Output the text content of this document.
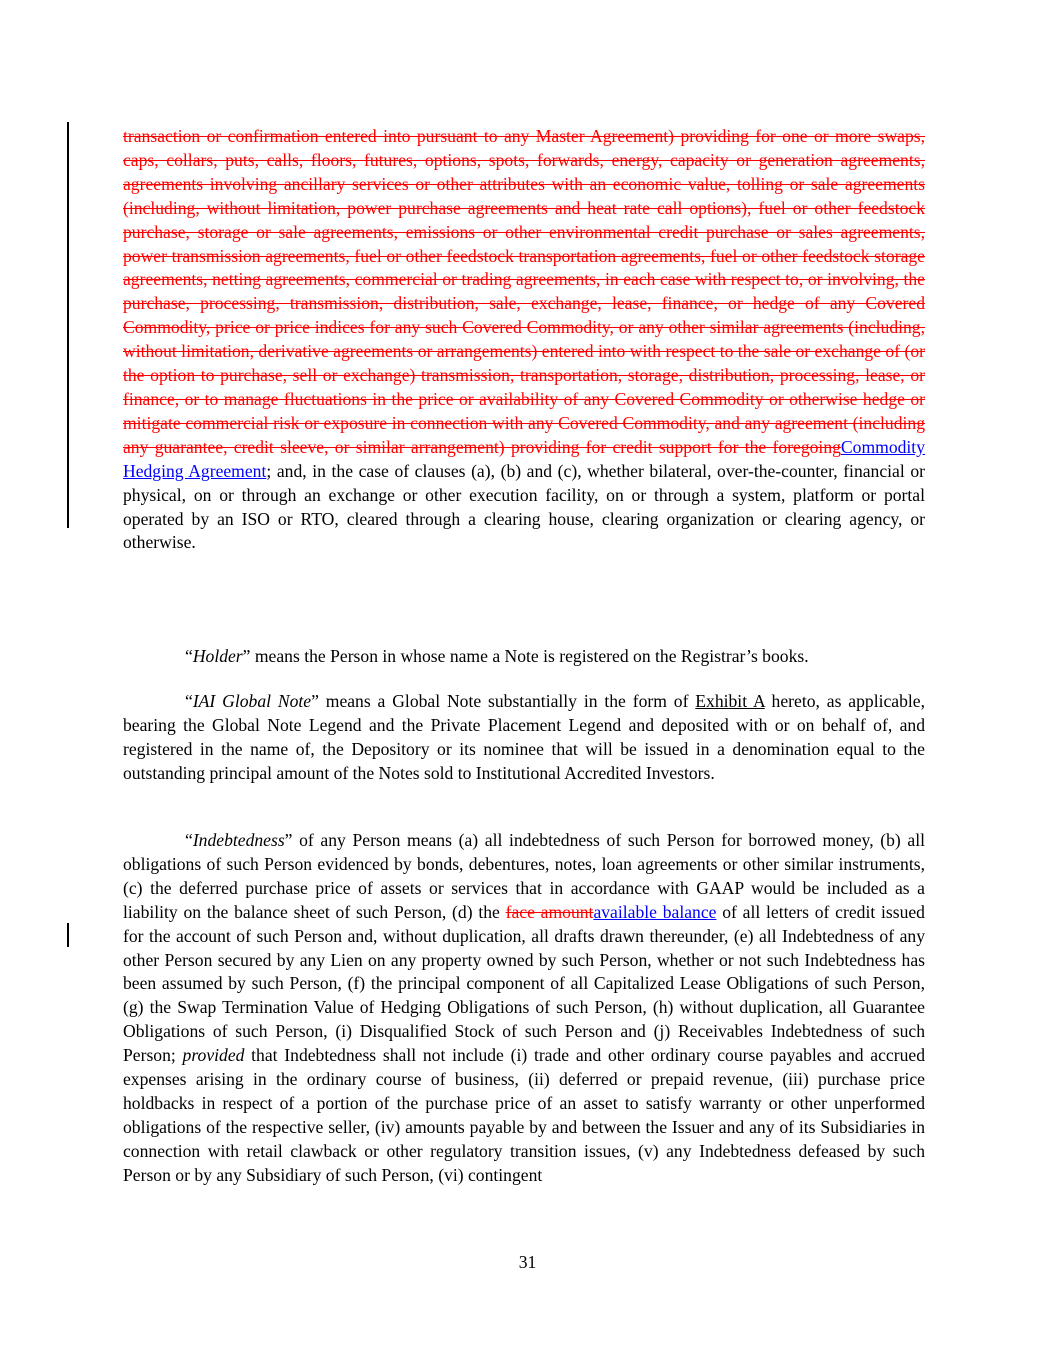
transaction or confirmation entered into pursuant to any Master Agreement) providing for one or more swaps, caps, collars, puts, calls, floors, futures, options, spots, forwards, energy, capacity or generation agreements, agreements involving ancillary services or other attributes with an economic value, tolling or sale agreements (including, without limitation, power purchase agreements and heat rate call options), fuel or other feedstock purchase, storage or sale agreements, emissions or other environmental credit purchase or sales agreements, power transmission agreements, fuel or other feedstock transportation agreements, fuel or other feedstock storage agreements, netting agreements, commercial or trading agreements, in each case with respect to, or involving, the purchase, processing, transmission, distribution, sale, exchange, lease, finance, or hedge of any Covered Commodity, price or price indices for any such Covered Commodity, or any other similar agreements (including, without limitation, derivative agreements or arrangements) entered into with respect to the sale or exchange of (or the option to purchase, sell or exchange) transmission, transportation, storage, distribution, processing, lease, or finance, or to manage fluctuations in the price or availability of any Covered Commodity or otherwise hedge or mitigate commercial risk or exposure in connection with any Covered Commodity, and any agreement (including any guarantee, credit sleeve, or similar arrangement) providing for credit support for the foregoingCommodity Hedging Agreement; and, in the case of clauses (a), (b) and (c), whether bilateral, over-the-counter, financial or physical, on or through an exchange or other execution facility, on or through a system, platform or portal operated by an ISO or RTO, cleared through a clearing house, clearing organization or clearing agency, or otherwise.

“Holder” means the Person in whose name a Note is registered on the Registrar’s books.

“IAI Global Note” means a Global Note substantially in the form of Exhibit A hereto, as applicable, bearing the Global Note Legend and the Private Placement Legend and deposited with or on behalf of, and registered in the name of, the Depository or its nominee that will be issued in a denomination equal to the outstanding principal amount of the Notes sold to Institutional Accredited Investors.

“Indebtedness” of any Person means (a) all indebtedness of such Person for borrowed money, (b) all obligations of such Person evidenced by bonds, debentures, notes, loan agreements or other similar instruments, (c) the deferred purchase price of assets or services that in accordance with GAAP would be included as a liability on the balance sheet of such Person, (d) the face amountavailable balance of all letters of credit issued for the account of such Person and, without duplication, all drafts drawn thereunder, (e) all Indebtedness of any other Person secured by any Lien on any property owned by such Person, whether or not such Indebtedness has been assumed by such Person, (f) the principal component of all Capitalized Lease Obligations of such Person, (g) the Swap Termination Value of Hedging Obligations of such Person, (h) without duplication, all Guarantee Obligations of such Person, (i) Disqualified Stock of such Person and (j) Receivables Indebtedness of such Person; provided that Indebtedness shall not include (i) trade and other ordinary course payables and accrued expenses arising in the ordinary course of business, (ii) deferred or prepaid revenue, (iii) purchase price holdbacks in respect of a portion of the purchase price of an asset to satisfy warranty or other unperformed obligations of the respective seller, (iv) amounts payable by and between the Issuer and any of its Subsidiaries in connection with retail clawback or other regulatory transition issues, (v) any Indebtedness defeased by such Person or by any Subsidiary of such Person, (vi) contingent

31
